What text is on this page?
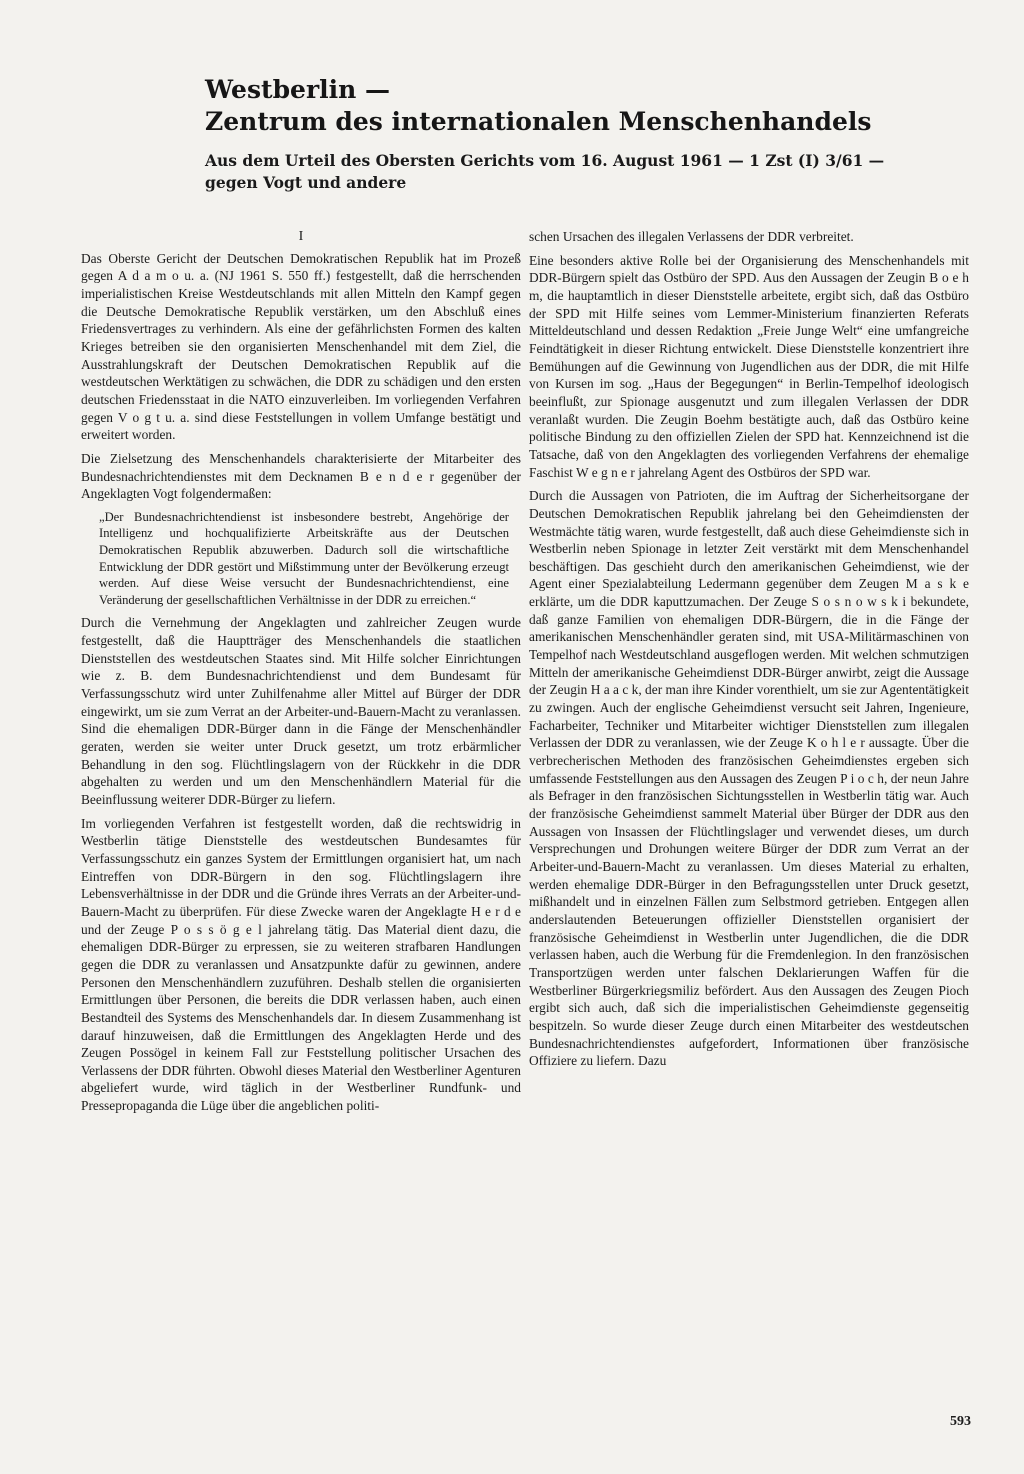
Westberlin —
Zentrum des internationalen Menschenhandels
Aus dem Urteil des Obersten Gerichts vom 16. August 1961 — 1 Zst (I) 3/61 —
gegen Vogt und andere
I

Das Oberste Gericht der Deutschen Demokratischen Republik hat im Prozeß gegen A d a m o u. a. (NJ 1961 S. 550 ff.) festgestellt, daß die herrschenden imperialistischen Kreise Westdeutschlands mit allen Mitteln den Kampf gegen die Deutsche Demokratische Republik verstärken, um den Abschluß eines Friedensvertrages zu verhindern. Als eine der gefährlichsten Formen des kalten Krieges betreiben sie den organisierten Menschenhandel mit dem Ziel, die Ausstrahlungskraft der Deutschen Demokratischen Republik auf die westdeutschen Werktätigen zu schwächen, die DDR zu schädigen und den ersten deutschen Friedensstaat in die NATO einzuverleiben. Im vorliegenden Verfahren gegen V o g t u. a. sind diese Feststellungen in vollem Umfange bestätigt und erweitert worden.

Die Zielsetzung des Menschenhandels charakterisierte der Mitarbeiter des Bundesnachrichtendienstes mit dem Decknamen B e n d e r gegenüber der Angeklagten Vogt folgendermaßen:

„Der Bundesnachrichtendienst ist insbesondere bestrebt, Angehörige der Intelligenz und hochqualifizierte Arbeitskräfte aus der Deutschen Demokratischen Republik abzuwerben. Dadurch soll die wirtschaftliche Entwicklung der DDR gestört und Mißstimmung unter der Bevölkerung erzeugt werden. Auf diese Weise versucht der Bundesnachrichtendienst, eine Veränderung der gesellschaftlichen Verhältnisse in der DDR zu erreichen.“

Durch die Vernehmung der Angeklagten und zahlreicher Zeugen wurde festgestellt, daß die Hauptträger des Menschenhandels die staatlichen Dienststellen des westdeutschen Staates sind. Mit Hilfe solcher Einrichtungen wie z. B. dem Bundesnachrichtendienst und dem Bundesamt für Verfassungsschutz wird unter Zuhilfenahme aller Mittel auf Bürger der DDR eingewirkt, um sie zum Verrat an der Arbeiter-und-Bauern-Macht zu veranlassen. Sind die ehemaligen DDR-Bürger dann in die Fänge der Menschenhändler geraten, werden sie weiter unter Druck gesetzt, um trotz erbärmlicher Behandlung in den sog. Flüchtlingslagern von der Rückkehr in die DDR abgehalten zu werden und um den Menschenhändlern Material für die Beeinflussung weiterer DDR-Bürger zu liefern.

Im vorliegenden Verfahren ist festgestellt worden, daß die rechtswidrig in Westberlin tätige Dienststelle des westdeutschen Bundesamtes für Verfassungsschutz ein ganzes System der Ermittlungen organisiert hat, um nach Eintreffen von DDR-Bürgern in den sog. Flüchtlingslagern ihre Lebensverhältnisse in der DDR und die Gründe ihres Verrats an der Arbeiter-und-Bauern-Macht zu überprüfen. Für diese Zwecke waren der Angeklagte H e r d e und der Zeuge P o s s ö g e l jahrelang tätig. Das Material dient dazu, die ehemaligen DDR-Bürger zu erpressen, sie zu weiteren strafbaren Handlungen gegen die DDR zu veranlassen und Ansatzpunkte dafür zu gewinnen, andere Personen den Menschenhändlern zuzuführen. Deshalb stellen die organisierten Ermittlungen über Personen, die bereits die DDR verlassen haben, auch einen Bestandteil des Systems des Menschenhandels dar. In diesem Zusammenhang ist darauf hinzuweisen, daß die Ermittlungen des Angeklagten Herde und des Zeugen Possögel in keinem Fall zur Feststellung politischer Ursachen des Verlassens der DDR führten. Obwohl dieses Material den Westberliner Agenturen abgeliefert wurde, wird täglich in der Westberliner Rundfunk- und Pressepropaganda die Lüge über die angeblichen politi-

schen Ursachen des illegalen Verlassens der DDR verbreitet.

Eine besonders aktive Rolle bei der Organisierung des Menschenhandels mit DDR-Bürgern spielt das Ostbüro der SPD. Aus den Aussagen der Zeugin B o e h m, die hauptamtlich in dieser Dienststelle arbeitete, ergibt sich, daß das Ostbüro der SPD mit Hilfe seines vom Lemmer-Ministerium finanzierten Referats Mitteldeutschland und dessen Redaktion „Freie Junge Welt“ eine umfangreiche Feindtätigkeit in dieser Richtung entwickelt. Diese Dienststelle konzentriert ihre Bemühungen auf die Gewinnung von Jugendlichen aus der DDR, die mit Hilfe von Kursen im sog. „Haus der Begegungen“ in Berlin-Tempelhof ideologisch beeinflußt, zur Spionage ausgenutzt und zum illegalen Verlassen der DDR veranlaßt wurden. Die Zeugin Boehm bestätigte auch, daß das Ostbüro keine politische Bindung zu den offiziellen Zielen der SPD hat. Kennzeichnend ist die Tatsache, daß von den Angeklagten des vorliegenden Verfahrens der ehemalige Faschist W e g n e r jahrelang Agent des Ostbüros der SPD war.

Durch die Aussagen von Patrioten, die im Auftrag der Sicherheitsorgane der Deutschen Demokratischen Republik jahrelang bei den Geheimdiensten der Westmächte tätig waren, wurde festgestellt, daß auch diese Geheimdienste sich in Westberlin neben Spionage in letzter Zeit verstärkt mit dem Menschenhandel beschäftigen. Das geschieht durch den amerikanischen Geheimdienst, wie der Agent einer Spezialabteilung Ledermann gegenüber dem Zeugen M a s k e erklärte, um die DDR kaputtzumachen. Der Zeuge S o s n o w s k i bekundete, daß ganze Familien von ehemaligen DDR-Bürgern, die in die Fänge der amerikanischen Menschenhändler geraten sind, mit USA-Militärmaschinen von Tempelhof nach Westdeutschland ausgeflogen werden. Mit welchen schmutzigen Mitteln der amerikanische Geheimdienst DDR-Bürger anwirbt, zeigt die Aussage der Zeugin H a a c k, der man ihre Kinder vorenthielt, um sie zur Agententätigkeit zu zwingen. Auch der englische Geheimdienst versucht seit Jahren, Ingenieure, Facharbeiter, Techniker und Mitarbeiter wichtiger Dienststellen zum illegalen Verlassen der DDR zu veranlassen, wie der Zeuge K o h l e r aussagte. Über die verbrecherischen Methoden des französischen Geheimdienstes ergeben sich umfassende Feststellungen aus den Aussagen des Zeugen P i o c h, der neun Jahre als Befrager in den französischen Sichtungsstellen in Westberlin tätig war. Auch der französische Geheimdienst sammelt Material über Bürger der DDR aus den Aussagen von Insassen der Flüchtlingslager und verwendet dieses, um durch Versprechungen und Drohungen weitere Bürger der DDR zum Verrat an der Arbeiter-und-Bauern-Macht zu veranlassen. Um dieses Material zu erhalten, werden ehemalige DDR-Bürger in den Befragungsstellen unter Druck gesetzt, mißhandelt und in einzelnen Fällen zum Selbstmord getrieben. Entgegen allen anderslautenden Beteuerungen offizieller Dienststellen organisiert der französische Geheimdienst in Westberlin unter Jugendlichen, die die DDR verlassen haben, auch die Werbung für die Fremdenlegion. In den französischen Transportzügen werden unter falschen Deklarierungen Waffen für die Westberliner Bürgerkriegsmiliz befördert. Aus den Aussagen des Zeugen Pioch ergibt sich auch, daß sich die imperialistischen Geheimdienste gegenseitig bespitzeln. So wurde dieser Zeuge durch einen Mitarbeiter des westdeutschen Bundesnachrichtendienstes aufgefordert, Informationen über französische Offiziere zu liefern. Dazu

593
